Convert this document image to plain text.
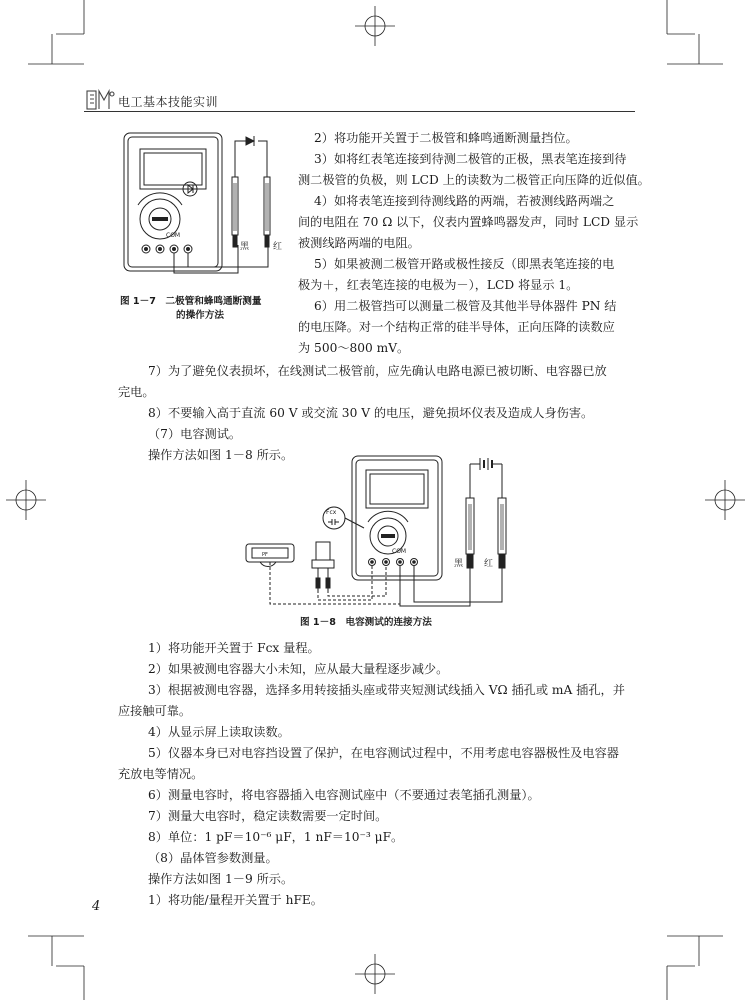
电工基本技能实训
COM
黑	红
图 1－7　二极管和蜂鸣通断测量
的操作方法
2）将功能开关置于二极管和蜂鸣通断测量挡位。
3）如将红表笔连接到待测二极管的正极，黑表笔连接到待
测二极管的负极，则 LCD 上的读数为二极管正向压降的近似值。
4）如将表笔连接到待测线路的两端，若被测线路两端之
间的电阻在 70 Ω 以下，仪表内置蜂鸣器发声，同时 LCD 显示
被测线路两端的电阻。
5）如果被测二极管开路或极性接反（即黑表笔连接的电
极为＋，红表笔连接的电极为－），LCD 将显示 1。
6）用二极管挡可以测量二极管及其他半导体器件 PN 结
的电压降。对一个结构正常的硅半导体，正向压降的读数应
为 500～800 mV。
7）为了避免仪表损坏，在线测试二极管前，应先确认电路电源已被切断、电容器已放
完电。
8）不要输入高于直流 60 V 或交流 30 V 的电压，避免损坏仪表及造成人身伤害。
（7）电容测试。
操作方法如图 1－8 所示。
Fcx
COM
PF
黑 红
图 1－8　电容测试的连接方法
1）将功能开关置于 Fcx 量程。
2）如果被测电容器大小未知，应从最大量程逐步减少。
3）根据被测电容器，选择多用转接插头座或带夹短测试线插入 VΩ 插孔或 mA 插孔，并
应接触可靠。
4）从显示屏上读取读数。
5）仪器本身已对电容挡设置了保护，在电容测试过程中，不用考虑电容器极性及电容器
充放电等情况。
6）测量电容时，将电容器插入电容测试座中（不要通过表笔插孔测量）。
7）测量大电容时，稳定读数需要一定时间。
8）单位：1 pF＝10⁻⁶ μF，1 nF＝10⁻³ μF。
（8）晶体管参数测量。
操作方法如图 1－9 所示。
1）将功能/量程开关置于 hFE。
4
